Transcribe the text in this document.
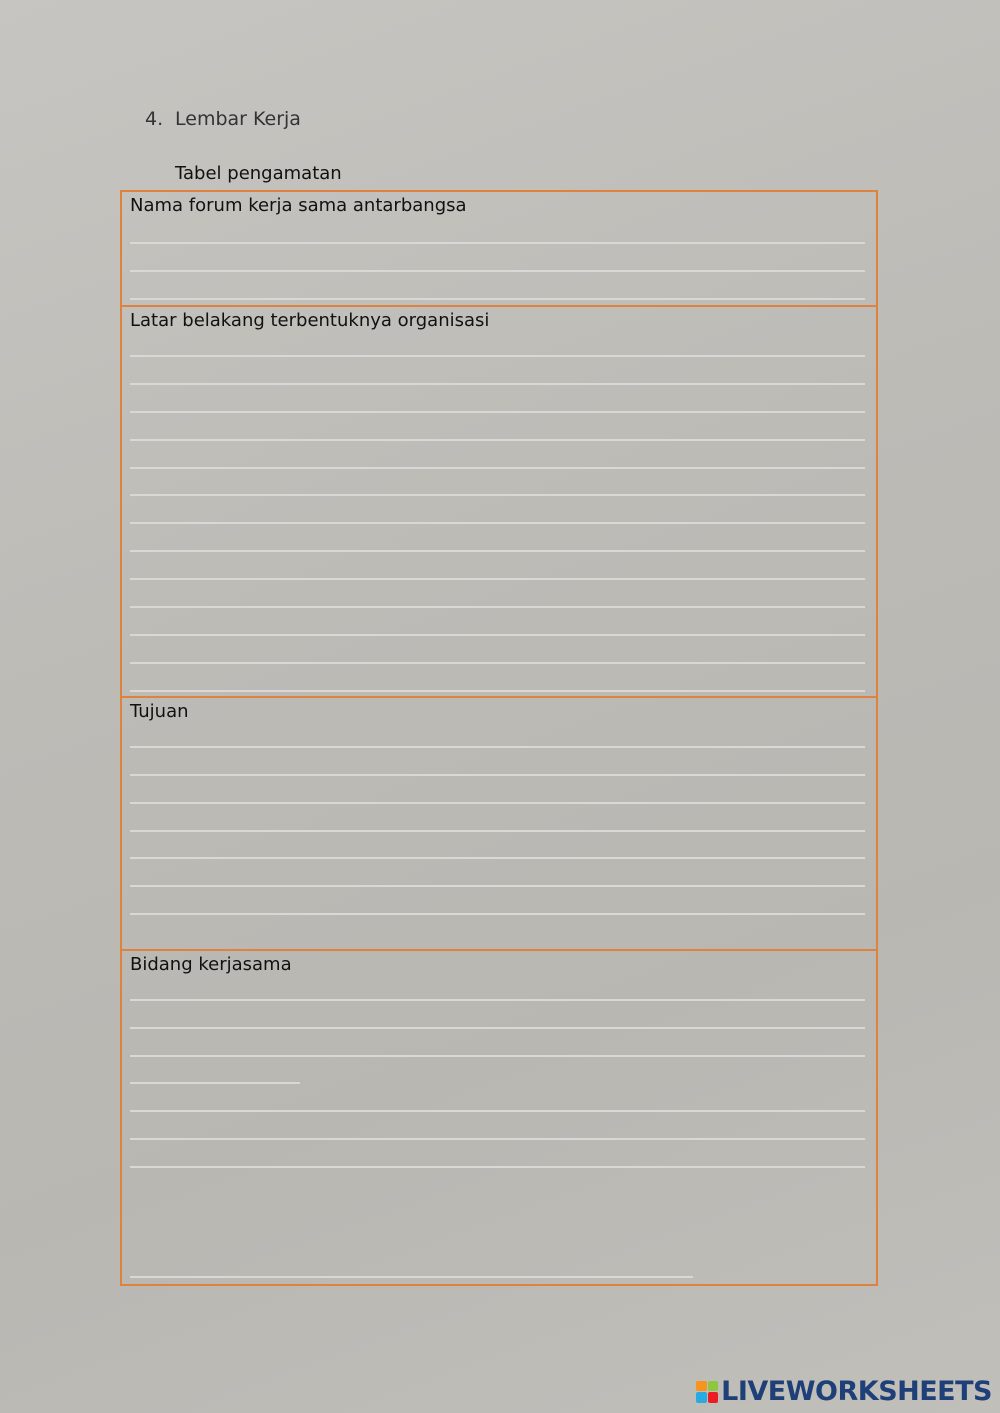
4. Lembar Kerja
Tabel pengamatan
Nama forum kerja sama antarbangsa
Latar belakang terbentuknya organisasi
Tujuan
Bidang kerjasama
LIVEWORKSHEETS
